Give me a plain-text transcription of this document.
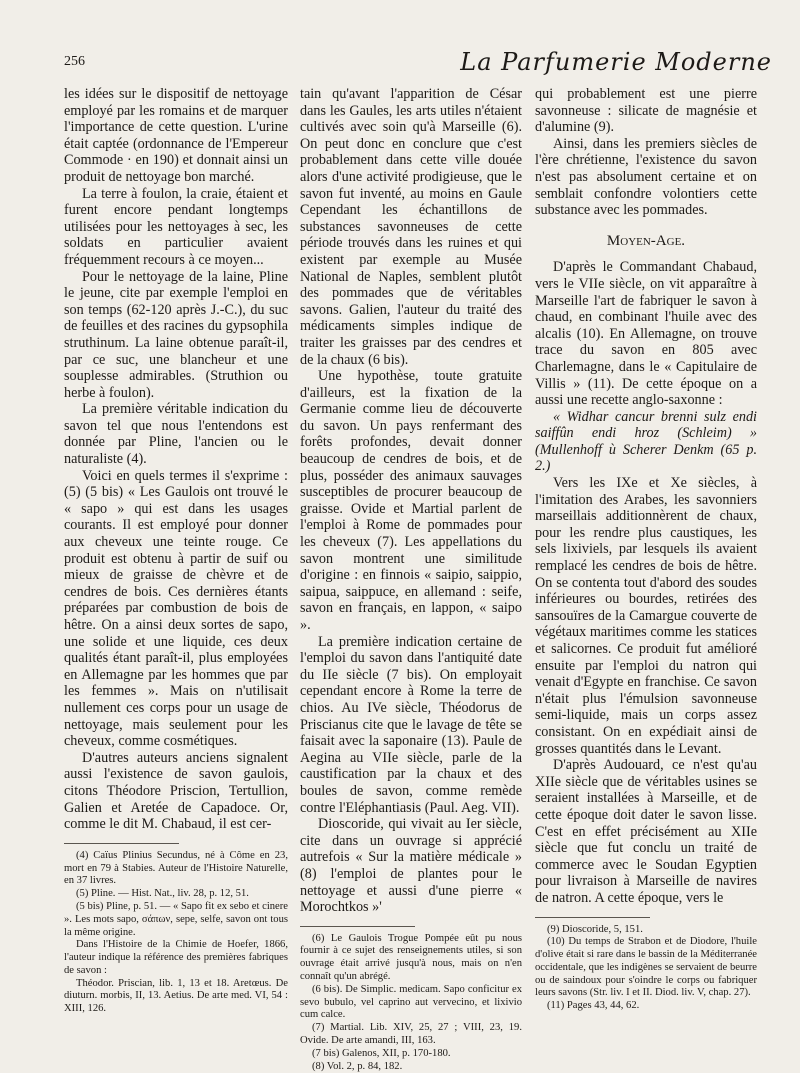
256	La Parfumerie Moderne

les idées sur le dispositif de nettoyage employé par les romains et de marquer l'importance de cette question. L'urine était captée (ordonnance de l'Empereur Commode · en 190) et donnait ainsi un produit de nettoyage bon marché.

La terre à foulon, la craie, étaient et furent encore pendant longtemps utilisées pour les nettoyages à sec, les soldats en particulier avaient fréquemment recours à ce moyen...

Pour le nettoyage de la laine, Pline le jeune, cite par exemple l'emploi en son temps (62-120 après J.-C.), du suc de feuilles et des racines du gypsophila struthinum. La laine obtenue paraît-il, par ce suc, une blancheur et une souplesse admirables. (Struthion ou herbe à foulon).

La première véritable indication du savon tel que nous l'entendons est donnée par Pline, l'ancien ou le naturaliste (4).

Voici en quels termes il s'exprime : (5) (5 bis) « Les Gaulois ont trouvé le « sapo » qui est dans les usages courants. Il est employé pour donner aux cheveux une teinte rouge. Ce produit est obtenu à partir de suif ou mieux de graisse de chèvre et de cendres de bois. Ces dernières étants préparées par combustion de bois de hêtre. On a ainsi deux sortes de sapo, une solide et une liquide, ces deux qualités étant paraît-il, plus employées en Allemagne par les hommes que par les femmes ». Mais on n'utilisait nullement ces corps pour un usage de nettoyage, mais seulement pour les cheveux, comme cosmétiques.

D'autres auteurs anciens signalent aussi l'existence de savon gaulois, citons Théodore Priscion, Tertullion, Galien et Aretée de Capadoce. Or, comme le dit M. Chabaud, il est cer-

(4) Caïus Plinius Secundus, né à Côme en 23, mort en 79 à Stabies. Auteur de l'Histoire Naturelle, en 37 livres.

(5) Pline. — Hist. Nat., liv. 28, p. 12, 51.

(5 bis) Pline, p. 51. — « Sapo fit ex sebo et cinere ». Les mots sapo, σάπων, sepe, selfe, savon ont tous la même origine.

Dans l'Histoire de la Chimie de Hoefer, 1866, l'auteur indique la référence des premières fabriques de savon :

Théodor. Priscian, lib. 1, 13 et 18. Aretœus. De diuturn. morbis, II, 13. Aetius. De arte med. VI, 54 : XIII, 126.

tain qu'avant l'apparition de César dans les Gaules, les arts utiles n'étaient cultivés avec soin qu'à Marseille (6). On peut donc en conclure que c'est probablement dans cette ville douée alors d'une activité prodigieuse, que le savon fut inventé, au moins en Gaule Cependant les échantillons de substances savonneuses de cette période trouvés dans les ruines et qui existent par exemple au Musée National de Naples, semblent plutôt des pommades que de véritables savons. Galien, l'auteur du traité des médicaments simples indique de traiter les graisses par des cendres et de la chaux (6 bis).

Une hypothèse, toute gratuite d'ailleurs, est la fixation de la Germanie comme lieu de découverte du savon. Un pays renfermant des forêts profondes, devait donner beaucoup de cendres de bois, et de plus, posséder des animaux sauvages susceptibles de procurer beaucoup de graisse. Ovide et Martial parlent de l'emploi à Rome de pommades pour les cheveux (7). Les appellations du savon montrent une similitude d'origine : en finnois « saipio, saippio, saipua, saippuce, en allemand : seife, savon en français, en lappon, « saipo ».

La première indication certaine de l'emploi du savon dans l'antiquité date du IIe siècle (7 bis). On employait cependant encore à Rome la terre de chios. Au IVe siècle, Théodorus de Priscianus cite que le lavage de tête se faisait avec la saponaire (13). Paule de Aegina au VIIe siècle, parle de la caustification par la chaux et des boules de savon, comme remède contre l'Eléphantiasis (Paul. Aeg. VII).

Dioscoride, qui vivait au Ier siècle, cite dans un ouvrage si apprécié autrefois « Sur la matière médicale » (8) l'emploi de plantes pour le nettoyage et aussi d'une pierre « Morochtkos »'

(6) Le Gaulois Trogue Pompée eût pu nous fournir à ce sujet des renseignements utiles, si son ouvrage était arrivé jusqu'à nous, mais on n'en connaît qu'un abrégé.

(6 bis). De Simplic. medicam. Sapo conficitur ex sevo bubulo, vel caprino aut vervecino, et lixivio cum calce.

(7) Martial. Lib. XIV, 25, 27 ; VIII, 23, 19. Ovide. De arte amandi, III, 163.

(7 bis) Galenos, XII, p. 170-180.

(8) Vol. 2, p. 84, 182.

qui probablement est une pierre savonneuse : silicate de magnésie et d'alumine (9).

Ainsi, dans les premiers siècles de l'ère chrétienne, l'existence du savon n'est pas absolument certaine et on semblait confondre volontiers cette substance avec les pommades.

Moyen-Age.

D'après le Commandant Chabaud, vers le VIIe siècle, on vit apparaître à Marseille l'art de fabriquer le savon à chaud, en combinant l'huile avec des alcalis (10). En Allemagne, on trouve trace du savon en 805 avec Charlemagne, dans le « Capitulaire de Villis » (11). De cette époque on a aussi une recette anglo-saxonne :

« Widhar cancur brenni sulz endi saiffûn endi hroz (Schleim) » (Mullenhoff ù Scherer Denkm (65 p. 2.)

Vers les IXe et Xe siècles, à l'imitation des Arabes, les savonniers marseillais additionnèrent de chaux, pour les rendre plus caustiques, les sels lixiviels, par lesquels ils avaient remplacé les cendres de bois de hêtre. On se contenta tout d'abord des soudes inférieures ou bourdes, retirées des sansouïres de la Camargue couverte de végétaux maritimes comme les statices et salicornes. Ce produit fut amélioré ensuite par l'emploi du natron qui venait d'Egypte en franchise. Ce savon n'était plus l'émulsion savonneuse semi-liquide, mais un corps assez consistant. On en expédiait ainsi de grosses quantités dans le Levant.

D'après Audouard, ce n'est qu'au XIIe siècle que de véritables usines se seraient installées à Marseille, et de cette époque doit dater le savon lisse. C'est en effet précisément au XIIe siècle que fut conclu un traité de commerce avec le Soudan Egyptien pour livraison à Marseille de navires de natron. A cette époque, vers le

(9) Dioscoride, 5, 151.

(10) Du temps de Strabon et de Diodore, l'huile d'olive était si rare dans le bassin de la Méditerranée occidentale, que les indigènes se servaient de beurre ou de saindoux pour s'oindre le corps ou fabriquer leurs savons (Str. liv. I et II. Diod. liv. V, chap. 27).

(11) Pages 43, 44, 62.
